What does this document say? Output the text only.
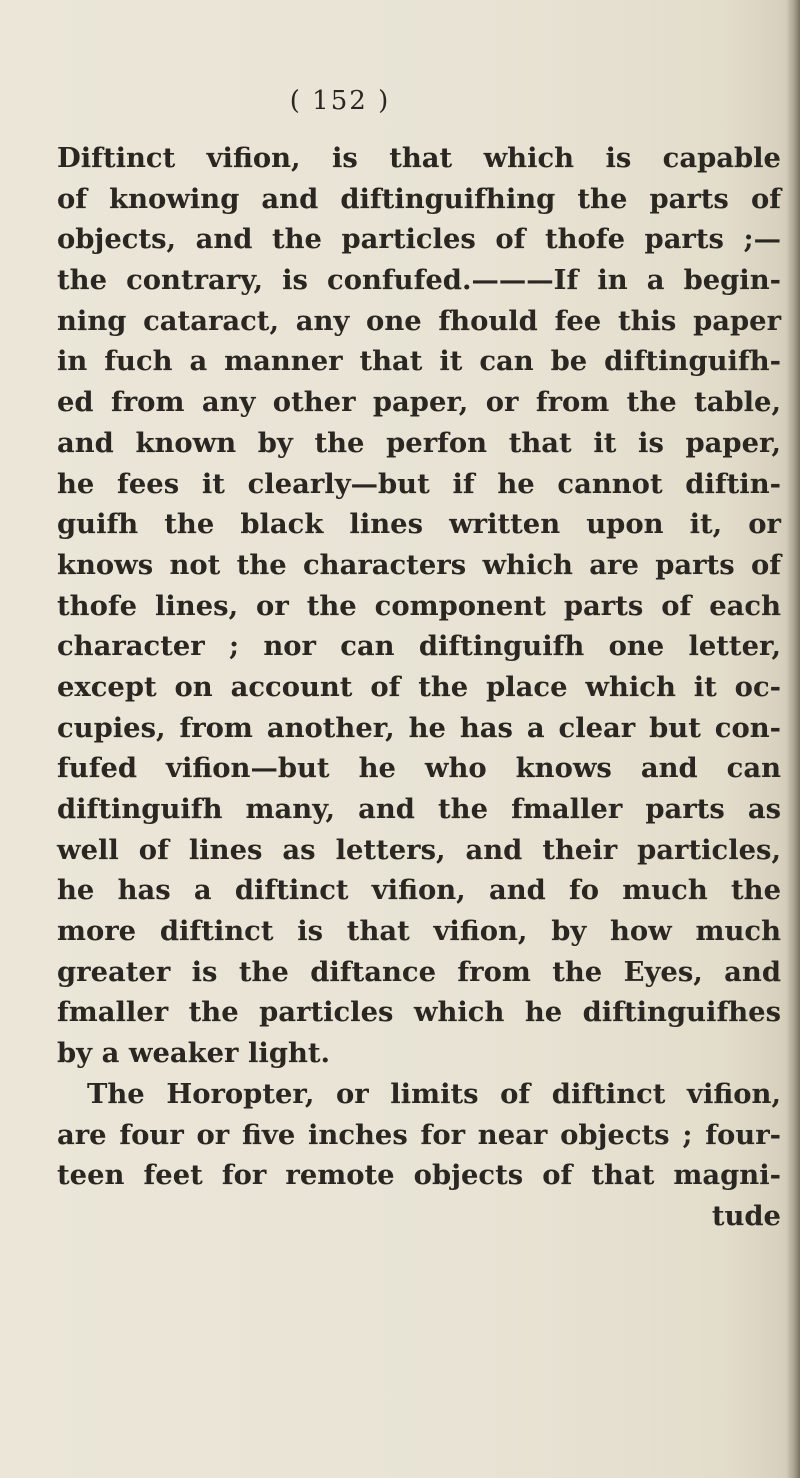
( 152 )
Diftinct vifion, is that which is capable
of knowing and diftinguifhing the parts of
objects, and the particles of thofe parts ;—
the contrary, is confufed.———If in a begin-
ning cataract, any one fhould fee this paper
in fuch a manner that it can be diftinguifh-
ed from any other paper, or from the table,
and known by the perfon that it is paper,
he fees it clearly—but if he cannot diftin-
guifh the black lines written upon it, or
knows not the characters which are parts of
thofe lines, or the component parts of each
character ; nor can diftinguifh one letter,
except on account of the place which it oc-
cupies, from another, he has a clear but con-
fufed vifion—but he who knows and can
diftinguifh many, and the fmaller parts as
well of lines as letters, and their particles,
he has a diftinct vifion, and fo much the
more diftinct is that vifion, by how much
greater is the diftance from the Eyes, and
fmaller the particles which he diftinguifhes
by a weaker light.
The Horopter, or limits of diftinct vifion,
are four or five inches for near objects ; four-
teen feet for remote objects of that magni-
tude
